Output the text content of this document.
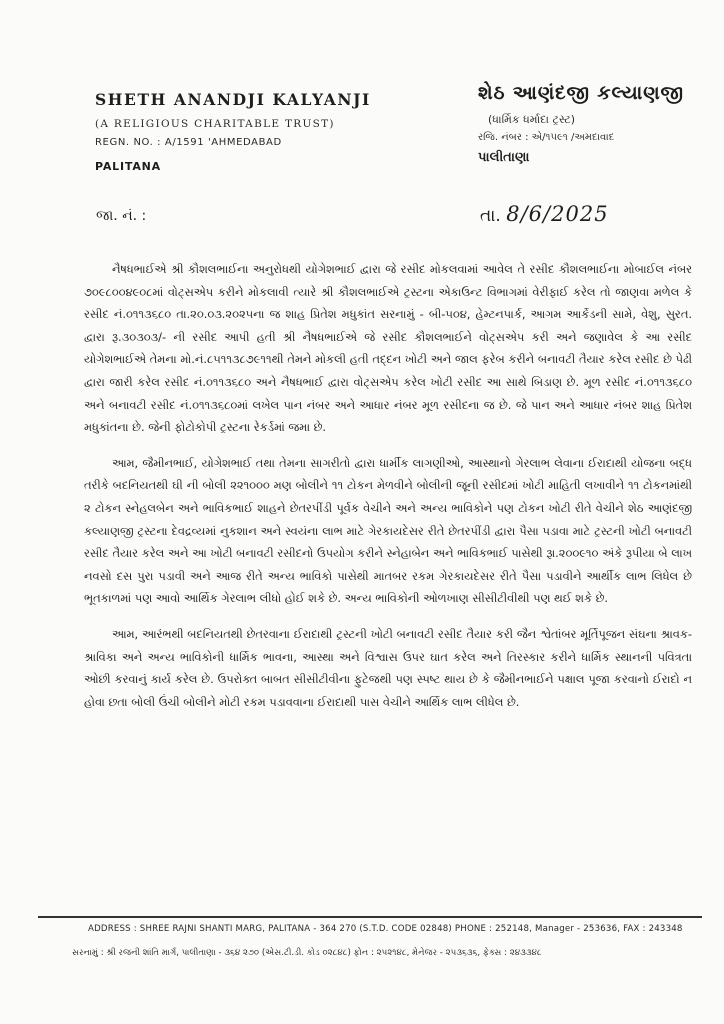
SHETH ANANDJI KALYANJI
(A RELIGIOUS CHARITABLE TRUST)
REGN. NO. : A/1591 'AHMEDABAD
PALITANA
શેઠ આણંદજી કલ્યાણજી
(ધાર્મિક ધર્માદા ટ્રસ્ટ)
રજિ. નંબર : એ/૧૫૯૧ /અમદાવાદ
પાલીતાણા
જા. નં. :	તા. 8/6/2025

નૈષધભાઈએ શ્રી કૌશલભાઈના અનુરોધથી યોગેશભાઈ દ્વારા જે રસીદ મોકલવામાં આવેલ તે રસીદ કૌશલભાઈના મોબાઈલ નંબર ૭૦૯૮૦૦૪૯૦૮માં વોટ્સએપ કરીને મોકલાવી ત્યારે શ્રી કૌશલભાઈએ ટ્રસ્ટના એકાઉન્ટ વિભાગમાં વેરીફાઈ કરેલ તો જાણવા મળેલ કે રસીદ નં.૦૧૧૩૬૮૦ તા.૨૦.૦૩.૨૦૨૫ના જ શાહ પ્રિતેશ મધુકાંત સરનામું - બી-૫૦૪, હેમ્ટનપાર્ક, આગમ આર્કેડની સામે, વેશુ, સુરત. દ્વારા રૂ.૩૦૩૦૩/- ની રસીદ આપી હતી શ્રી નૈષધભાઈએ જે રસીદ કૌશલભાઈને વોટ્સએપ કરી અને જણાવેલ કે આ રસીદ યોગેશભાઈએ તેમના મો.નં.૮૫૧૧૩૮૭૯૧૧થી તેમને મોકલી હતી તદ્દન ખોટી અને જાલ ફરેબ કરીને બનાવટી તૈયાર કરેલ રસીદ છે પેઢી દ્વારા જારી કરેલ રસીદ નં.૦૧૧૩૬૮૦ અને નૈષધભાઈ દ્વારા વોટ્સએપ કરેલ ખોટી રસીદ આ સાથે બિડાણ છે. મૂળ રસીદ નં.૦૧૧૩૬૮૦ અને બનાવટી રસીદ નં.૦૧૧૩૬૮૦માં લખેલ પાન નંબર અને આધાર નંબર મૂળ રસીદના જ છે. જે પાન અને આધાર નંબર શાહ પ્રિતેશ મધુકાંતના છે. જેની ફોટોકોપી ટ્રસ્ટના રેકર્ડમાં જમા છે.

આમ, જૈમીનભાઈ, યોગેશભાઈ તથા તેમના સાગરીતો દ્વારા ધાર્મીક લાગણીઓ, આસ્થાનો ગેરલાભ લેવાના ઈરાદાથી યોજના બદ્ધ તરીકે બદનિયતથી ઘી ની બોલી ૨૨૧૦૦૦ મણ બોલીને ૧૧ ટોકન મેળવીને બોલીની જૂની રસીદમાં ખોટી માહિતી લખાવીને ૧૧ ટોકનમાંથી ૨ ટોકન સ્નેહલબેન અને ભાવિકભાઈ શાહને છેતરપીંડી પૂર્વક વેચીને અને અન્ય ભાવિકોને પણ ટોકન ખોટી રીતે વેચીને શેઠ આણંદજી કલ્યાણજી ટ્રસ્ટના દેવદ્રવ્યમાં નુકશાન અને સ્વયંના લાભ માટે ગેરકાયદેસર રીતે છેતરપીંડી દ્વારા પૈસા પડાવા માટે ટ્રસ્ટની ખોટી બનાવટી રસીદ તૈયાર કરેલ અને આ ખોટી બનાવટી રસીદનો ઉપયોગ કરીને સ્નેહાબેન અને ભાવિકભાઈ પાસેથી રૂા.૨૦૦૯૧૦ અંકે રૂપીયા બે લાખ નવસો દસ પુરા પડાવી અને આજ રીતે અન્ય ભાવિકો પાસેથી માતબર રકમ ગેરકાયદેસર રીતે પૈસા પડાવીને આર્થીક લાભ લિધેલ છે ભૂતકાળમાં પણ આવો આર્થિક ગેરલાભ લીધો હોઈ શકે છે. અન્ય ભાવિકોની ઓળખાણ સીસીટીવીથી પણ થઈ શકે છે.

આમ, આરંભથી બદનિયતથી છેતરવાના ઈરાદાથી ટ્રસ્ટની ખોટી બનાવટી રસીદ તૈયાર કરી જૈન શ્વેતાંબર મૂર્તિપૂજન સંઘના શ્રાવક-શ્રાવિકા અને અન્ય ભાવિકોની ધાર્મિક ભાવના, આસ્થા અને વિશ્વાસ ઉપર ઘાત કરેલ અને તિરસ્કાર કરીને ધાર્મિક સ્થાનની પવિત્રતા ઓછી કરવાનું કાર્ય કરેલ છે. ઉપરોક્ત બાબત સીસીટીવીના ફુટેજથી પણ સ્પષ્ટ થાય છે કે જૈમીનભાઈને પક્ષાલ પૂજા કરવાનો ઈરાદો ન હોવા છતા બોલી ઉંચી બોલીને મોટી રકમ પડાવવાના ઈરાદાથી પાસ વેચીને આર્થિક લાભ લીધેલ છે.

ADDRESS : SHREE RAJNI SHANTI MARG, PALITANA - 364 270 (S.T.D. CODE 02848) PHONE : 252148, Manager - 253636, FAX : 243348
સરનામું : શ્રી રજની શાંતિ માર્ગ, પાલીતાણા - ૩૬૪ ૨૭૦ (એસ.ટી.ડી. કોડ ૦૨૮૪૮) ફોન : ૨૫૨૧૪૮, મેનેજર - ૨૫૩૬૩૬, ફેક્સ : ૨૪૩૩૪૮
